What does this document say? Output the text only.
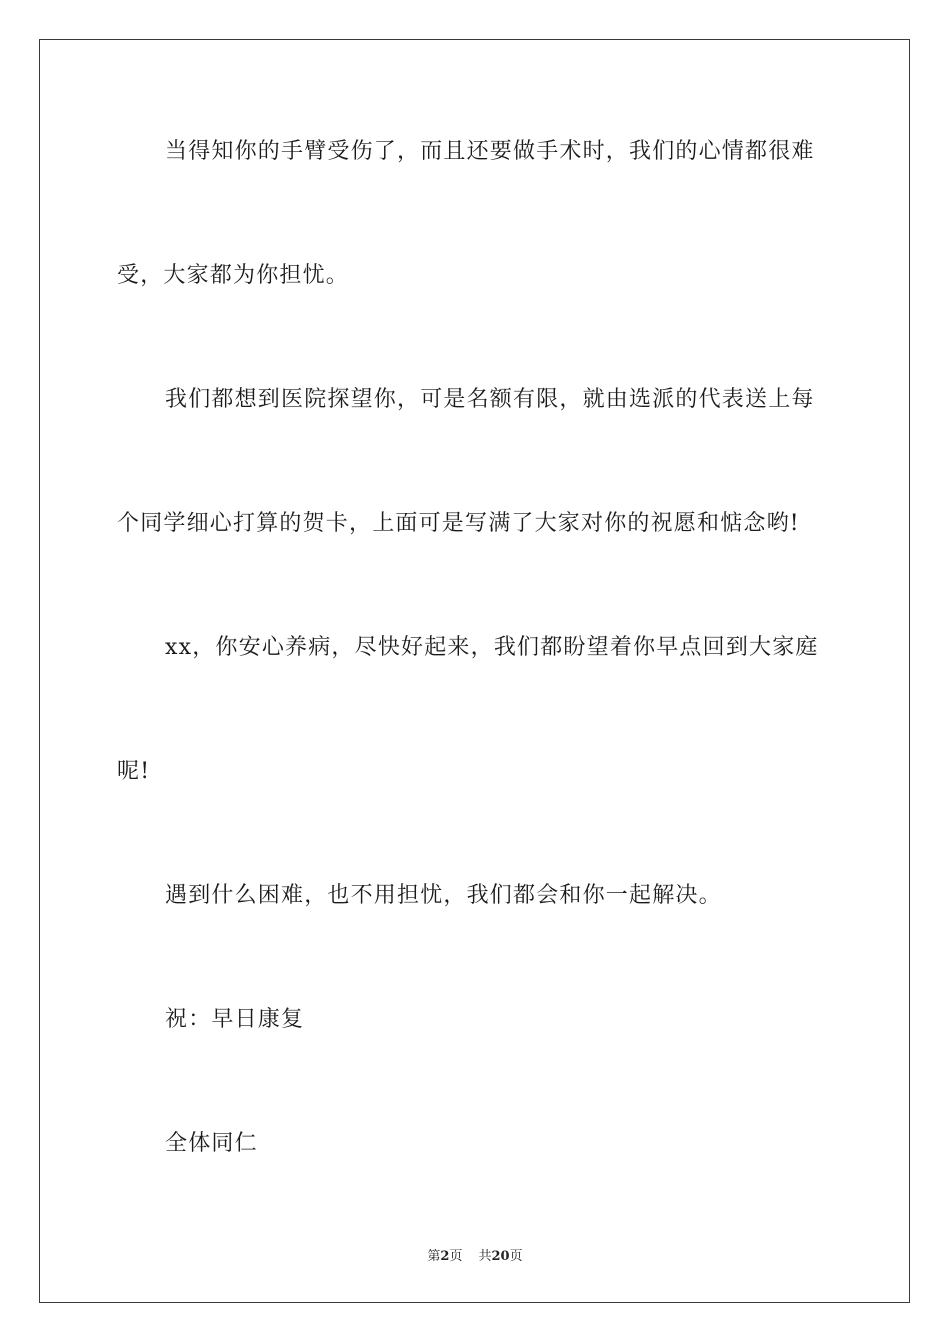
当得知你的手臂受伤了，而且还要做手术时，我们的心情都很难
受，大家都为你担忧。
我们都想到医院探望你，可是名额有限，就由选派的代表送上每
个同学细心打算的贺卡，上面可是写满了大家对你的祝愿和惦念哟!
xx，你安心养病，尽快好起来，我们都盼望着你早点回到大家庭
呢!
遇到什么困难，也不用担忧，我们都会和你一起解决。
祝：早日康复
全体同仁
第2页 共20页
